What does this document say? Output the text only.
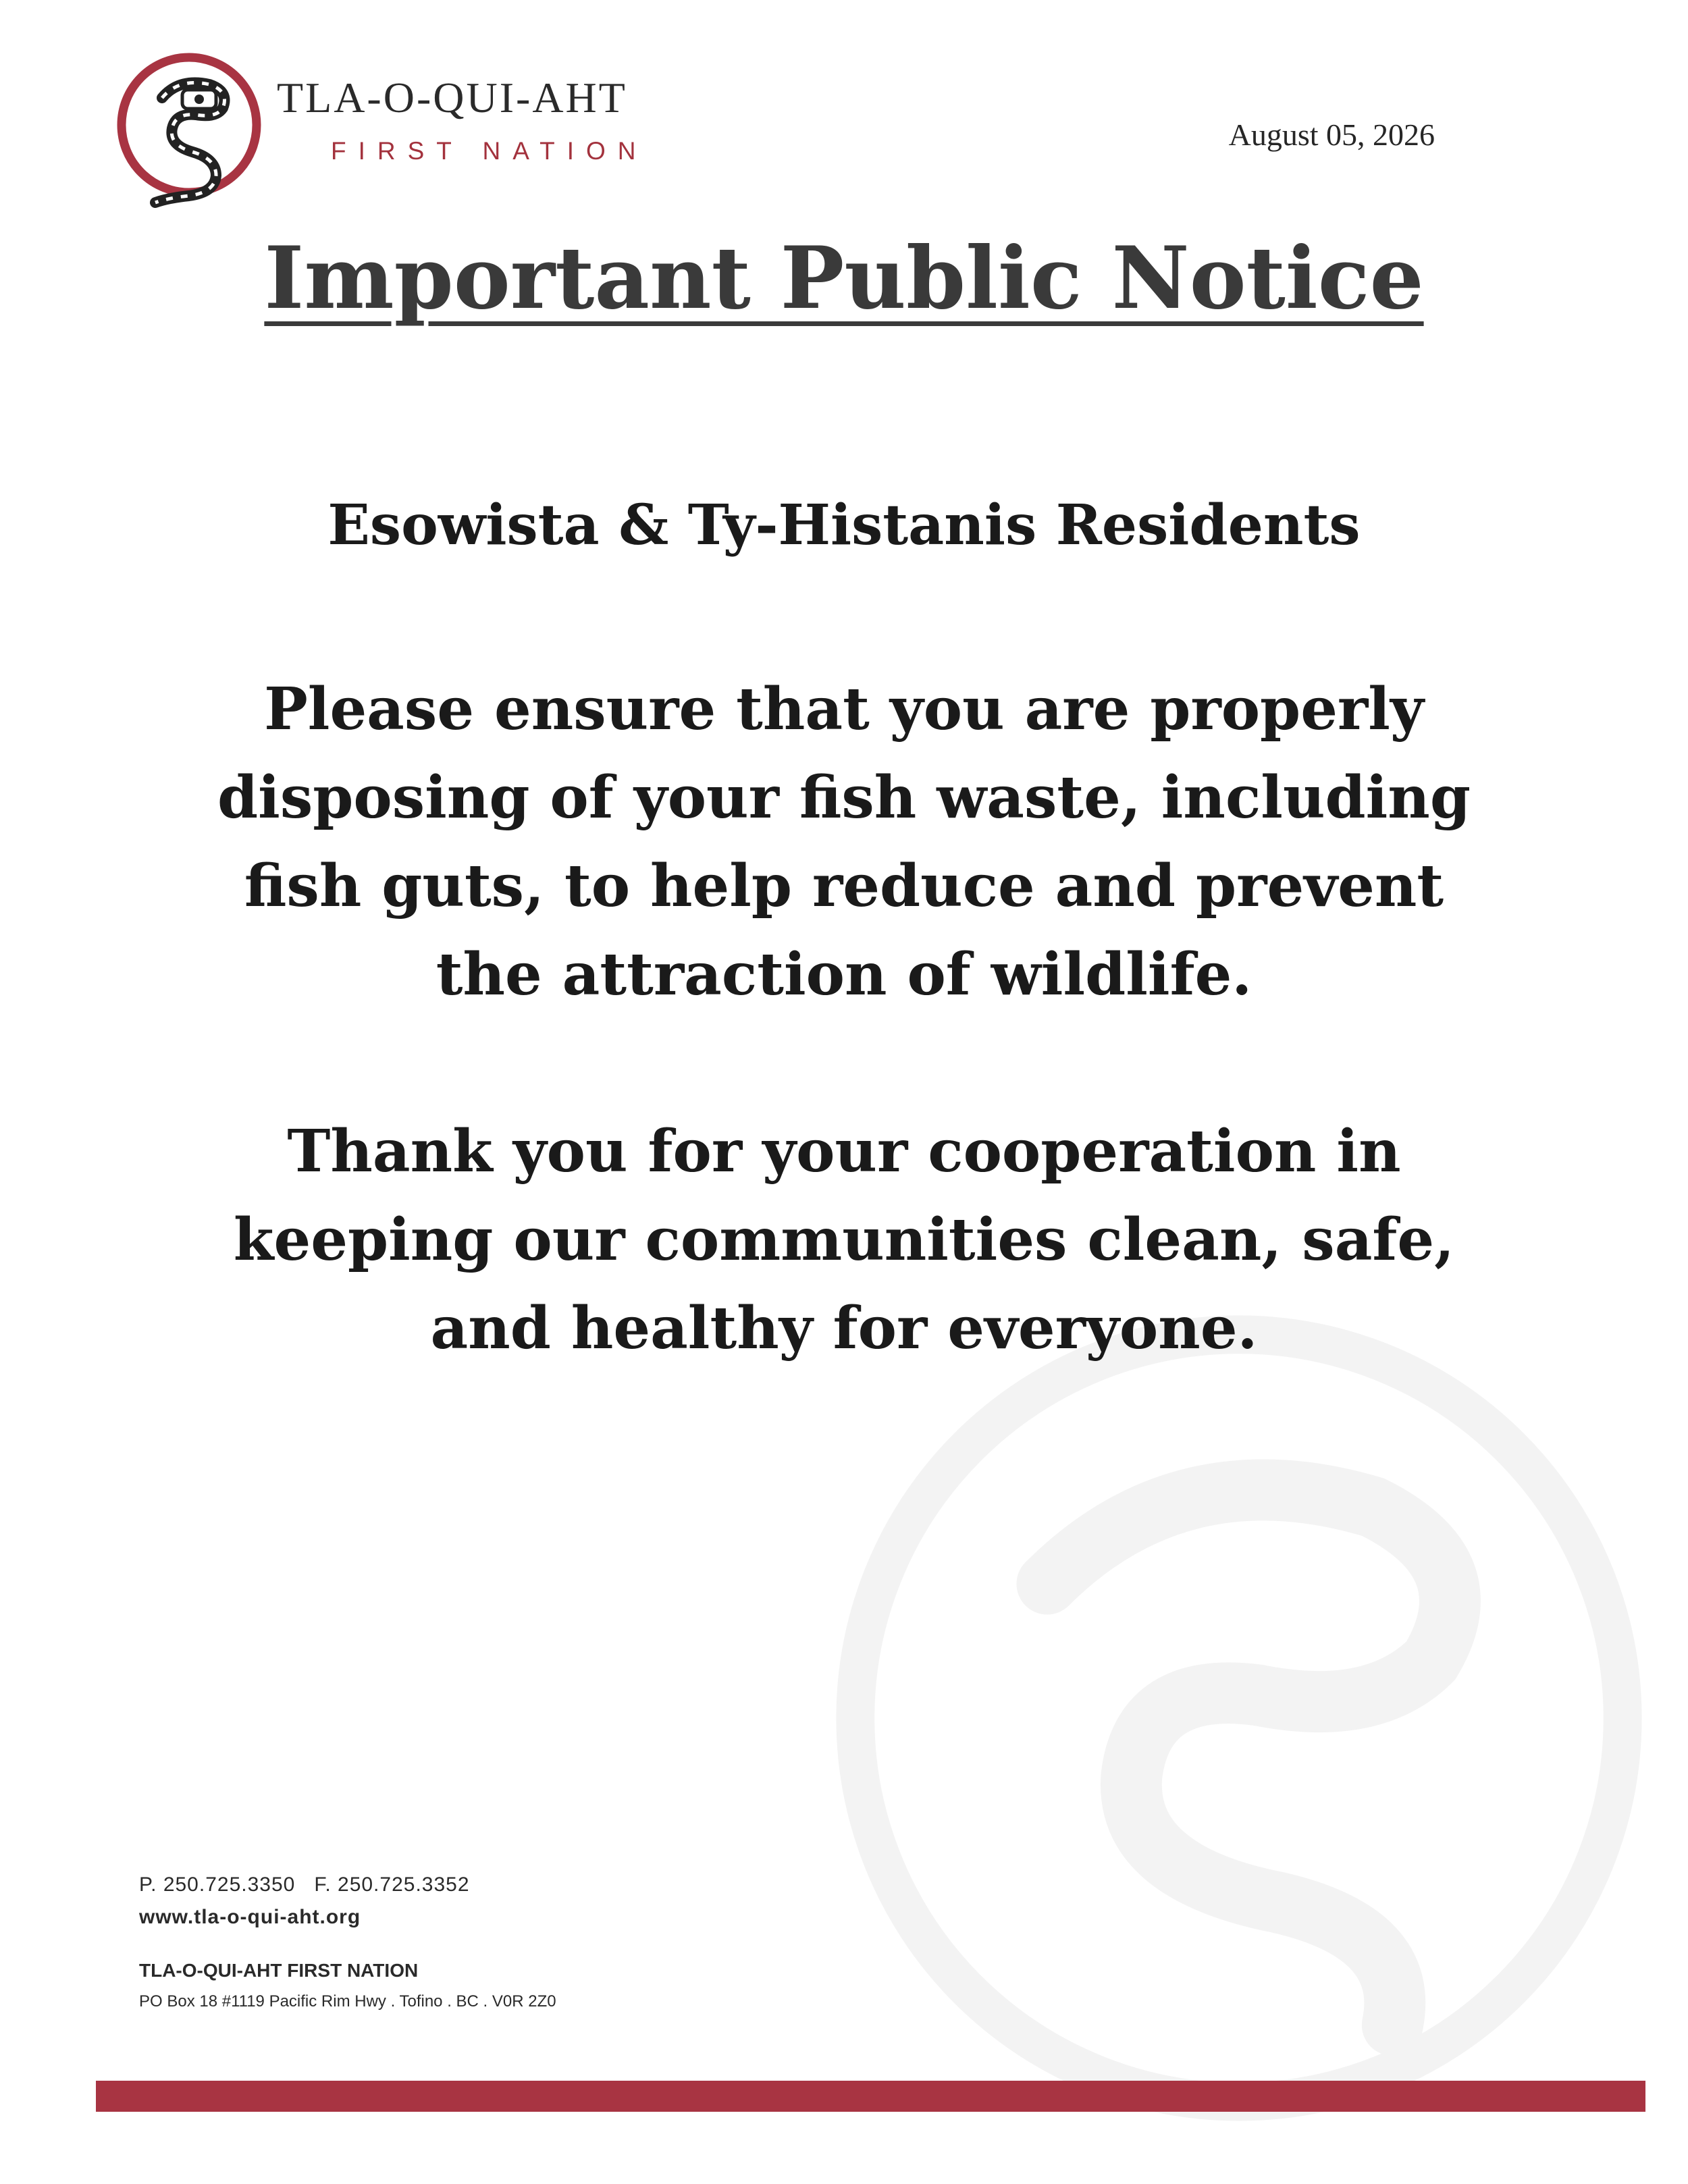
TLA-O-QUI-AHT
FIRST NATION	August 05, 2026
Important Public Notice
Esowista & Ty-Histanis Residents
Please ensure that you are properly
disposing of your fish waste, including
fish guts, to help reduce and prevent
the attraction of wildlife.
Thank you for your cooperation in
keeping our communities clean, safe,
and healthy for everyone.
P. 250.725.3350   F. 250.725.3352
www.tla-o-qui-aht.org
TLA-O-QUI-AHT FIRST NATION
PO Box 18 #1119 Pacific Rim Hwy . Tofino . BC . V0R 2Z0
